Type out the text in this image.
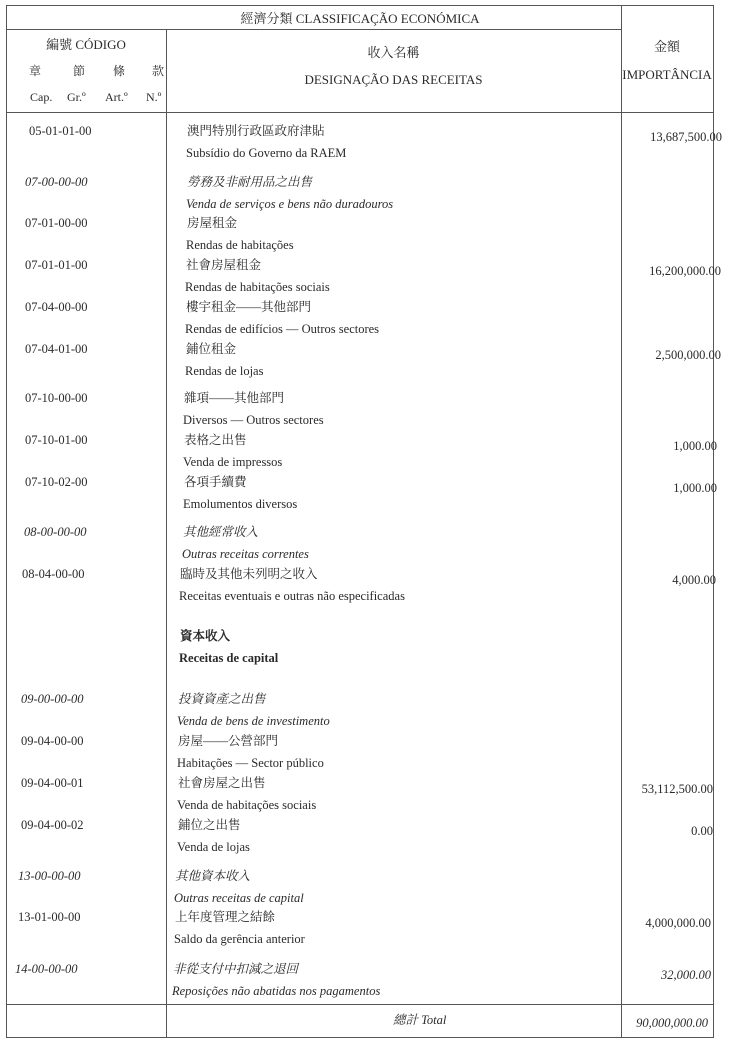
經濟分類 CLASSIFICAÇÃO ECONÓMICA
編號 CÓDIGO
章	節 條 款
Cap. Gr.º Art.º N.º
收入名稱
DESIGNAÇÃO DAS RECEITAS
金額
IMPORTÂNCIA
05-01-01-00	澳門特別行政區政府津貼
Subsídio do Governo da RAEM
13,687,500.00
07-00-00-00	勞務及非耐用品之出售
Venda de serviços e bens não duradouros
07-01-00-00	房屋租金
Rendas de habitações
07-01-01-00	社會房屋租金
Rendas de habitações sociais
16,200,000.00
07-04-00-00	樓宇租金——其他部門
Rendas de edifícios — Outros sectores
07-04-01-00	鋪位租金
Rendas de lojas
2,500,000.00
07-10-00-00	雜項——其他部門
Diversos — Outros sectores
07-10-01-00	表格之出售
Venda de impressos
1,000.00
07-10-02-00	各項手續費
Emolumentos diversos
1,000.00
08-00-00-00	其他經常收入
Outras receitas correntes
08-04-00-00	臨時及其他未列明之收入
Receitas eventuais e outras não especificadas
4,000.00
資本收入
Receitas de capital
09-00-00-00	投資資產之出售
Venda de bens de investimento
09-04-00-00	房屋——公營部門
Habitações — Sector público
09-04-00-01	社會房屋之出售
Venda de habitações sociais
53,112,500.00
09-04-00-02	鋪位之出售
Venda de lojas
0.00
13-00-00-00	其他資本收入
Outras receitas de capital
13-01-00-00	上年度管理之結餘
Saldo da gerência anterior
4,000,000.00
14-00-00-00	非從支付中扣減之退回
Reposições não abatidas nos pagamentos
32,000.00
總計 Total	90,000,000.00
